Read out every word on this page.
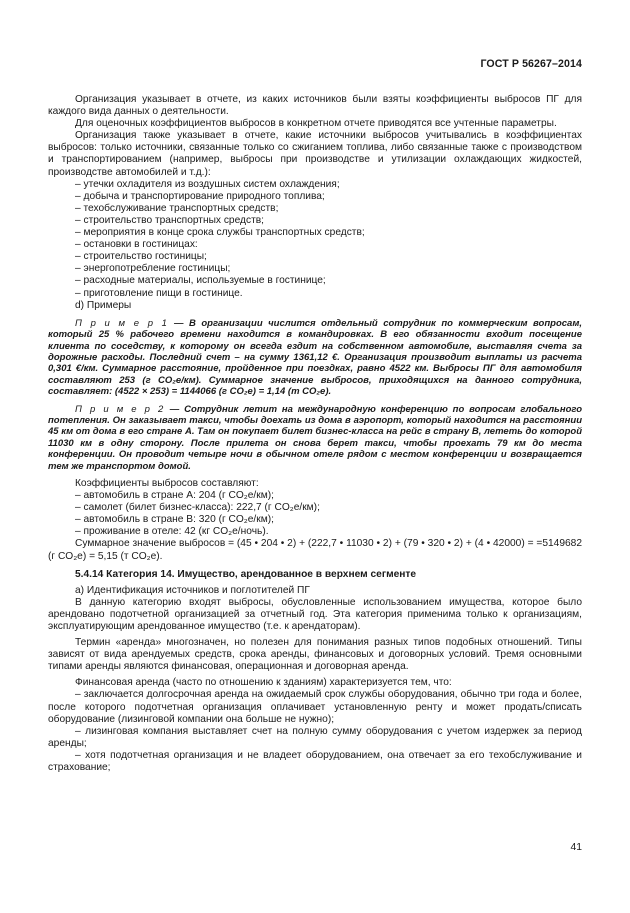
ГОСТ Р 56267–2014

Организация указывает в отчете, из каких источников были взяты коэффициенты выбросов ПГ для каждого вида данных о деятельности.

Для оценочных коэффициентов выбросов в конкретном отчете приводятся все учтенные параметры.

Организация также указывает в отчете, какие источники выбросов учитывались в коэффициентах выбросов: только источники, связанные только со сжиганием топлива, либо связанные также с производством и транспортированием (например, выбросы при производстве и утилизации охлаждающих жидкостей, производстве автомобилей и т.д.):

– утечки охладителя из воздушных систем охлаждения;

– добыча и транспортирование природного топлива;

– техобслуживание транспортных средств;

– строительство транспортных средств;

– мероприятия в конце срока службы транспортных средств;

– остановки в гостиницах:

– строительство гостиницы;

– энергопотребление гостиницы;

– расходные материалы, используемые в гостинице;

– приготовление пищи в гостинице.

d) Примеры

П р и м е р 1 — В организации числится отдельный сотрудник по коммерческим вопросам, который 25 % рабочего времени находится в командировках. В его обязанности входит посещение клиента по соседству, к которому он всегда ездит на собственном автомобиле, выставляя счета за дорожные расходы. Последний счет – на сумму 1361,12 €. Организация производит выплаты из расчета 0,301 €/км. Суммарное расстояние, пройденное при поездках, равно 4522 км. Выбросы ПГ для автомобиля составляют 253 (г CO₂е/км). Суммарное значение выбросов, приходящихся на данного сотрудника, составляет: (4522 × 253) = 1144066 (г CO₂е) = 1,14 (т CO₂е).

П р и м е р 2 — Сотрудник летит на международную конференцию по вопросам глобального потепления. Он заказывает такси, чтобы доехать из дома в аэропорт, который находится на расстоянии 45 км от дома в его стране А. Там он покупает билет бизнес-класса на рейс в страну В, лететь до которой 11030 км в одну сторону. После прилета он снова берет такси, чтобы проехать 79 км до места конференции. Он проводит четыре ночи в обычном отеле рядом с местом конференции и возвращается тем же транспортом домой.

Коэффициенты выбросов составляют:

– автомобиль в стране А: 204 (г CO₂е/км);

– самолет (билет бизнес-класса): 222,7 (г CO₂е/км);

– автомобиль в стране В: 320 (г CO₂е/км);

– проживание в отеле: 42 (кг CO₂е/ночь).

Суммарное значение выбросов = (45 • 204 • 2) + (222,7 • 11030 • 2) + (79 • 320 • 2) + (4 • 42000) = =5149682 (г CO₂е) = 5,15 (т CO₂е).

5.4.14 Категория 14. Имущество, арендованное в верхнем сегменте

а) Идентификация источников и поглотителей ПГ

В данную категорию входят выбросы, обусловленные использованием имущества, которое было арендовано подотчетной организацией за отчетный год. Эта категория применима только к организациям, эксплуатирующим арендованное имущество (т.е. к арендаторам).

Термин «аренда» многозначен, но полезен для понимания разных типов подобных отношений. Типы зависят от вида арендуемых средств, срока аренды, финансовых и договорных условий. Тремя основными типами аренды являются финансовая, операционная и договорная аренда.

Финансовая аренда (часто по отношению к зданиям) характеризуется тем, что:

– заключается долгосрочная аренда на ожидаемый срок службы оборудования, обычно три года и более, после которого подотчетная организация оплачивает установленную ренту и может продать/списать оборудование (лизинговой компании она больше не нужно);

– лизинговая компания выставляет счет на полную сумму оборудования с учетом издержек за период аренды;

– хотя подотчетная организация и не владеет оборудованием, она отвечает за его техобслуживание и страхование;

41
